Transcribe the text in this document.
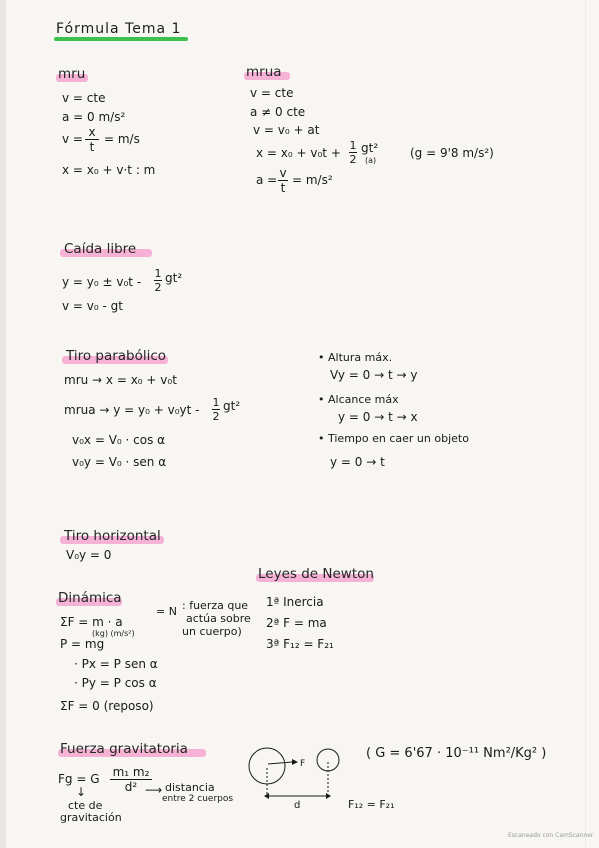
Fórmula Tema 1
mru
v = cte
a = 0 m/s²
v = x
t
= m/s
x = x₀ + v·t : m
mrua
v = cte
a ≠ 0 cte
v = v₀ + at
x = x₀ + v₀t +
1
2
gt²
(a)
(g = 9'8 m/s²)
a = v
t
= m/s²
Caída libre
y = y₀ ± v₀t -
1
2
gt²
v = v₀ - gt
Tiro parabólico
mru → x = x₀ + v₀t
mrua → y = y₀ + v₀yt -
1
2
gt²
v₀x = V₀ · cos α
v₀y = V₀ · sen α
• Altura máx.
Vy = 0 → t → y
• Alcance máx
y = 0 → t → x
• Tiempo en caer un objeto
y = 0 → t
Tiro horizontal
V₀y = 0
Dinámica
ΣF = m · a
(kg) (m/s²)
= N : fuerza que
actúa sobre
un cuerpo)
P = mg
· Px = P sen α
· Py = P cos α
ΣF = 0 (reposo)
Leyes de Newton
1ª Inercia
2ª F = ma
3ª F₁₂ = F₂₁
Fuerza gravitatoria
Fg = G m₁ m₂
d² ⟶ distancia
entre 2 cuerpos
↓
cte de
gravitación
F
d	F₁₂ = F₂₁
( G = 6'67 · 10⁻¹¹ Nm²/Kg² )
Escaneado con CamScanner
